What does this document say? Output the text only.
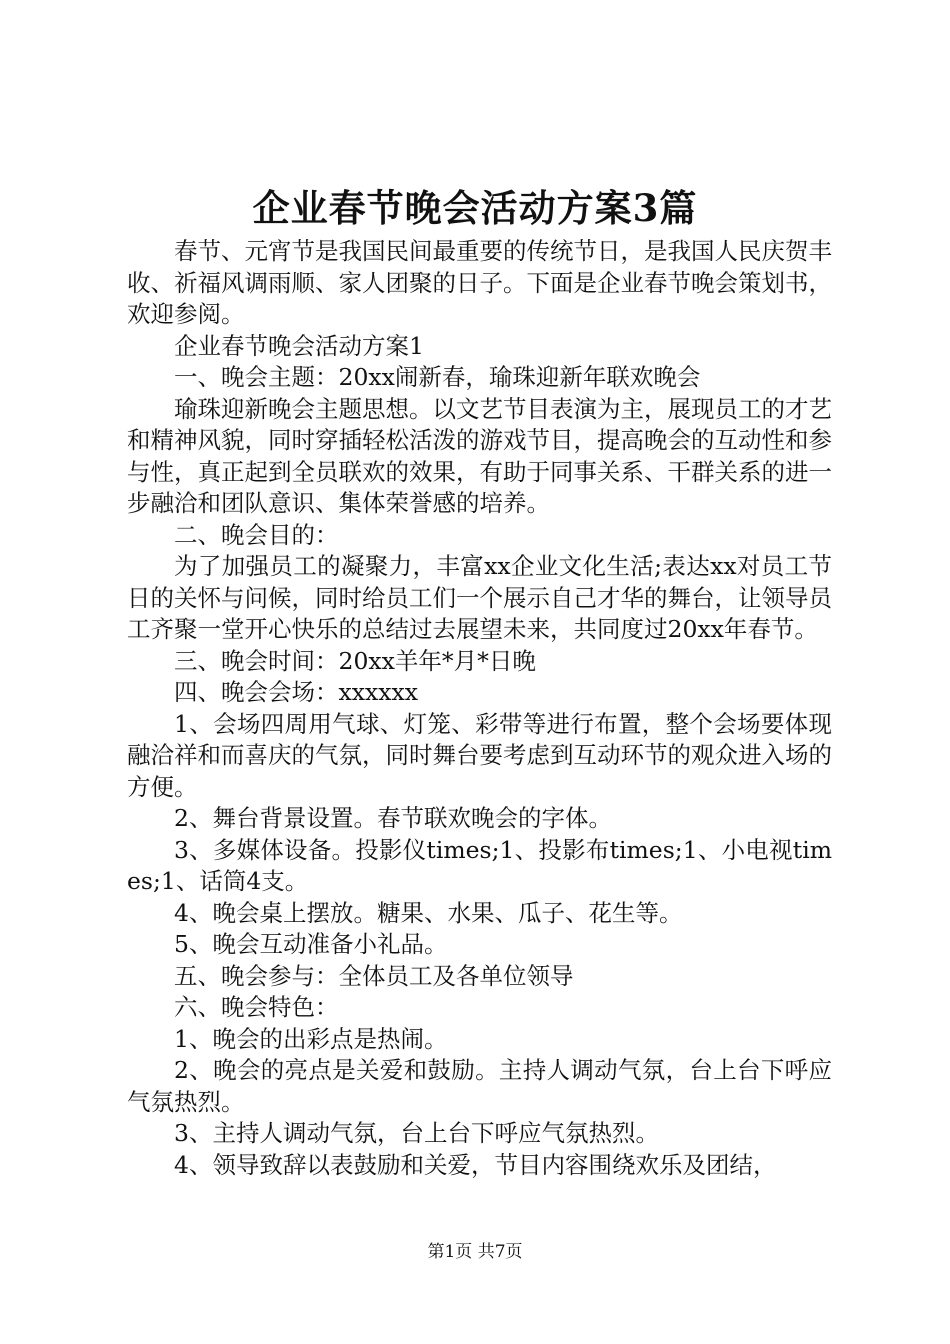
企业春节晚会活动方案3篇

春节、元宵节是我国民间最重要的传统节日，是我国人民庆贺丰收、祈福风调雨顺、家人团聚的日子。下面是企业春节晚会策划书，欢迎参阅。

企业春节晚会活动方案1

一、晚会主题：20xx闹新春，瑜珠迎新年联欢晚会

瑜珠迎新晚会主题思想。以文艺节目表演为主，展现员工的才艺和精神风貌，同时穿插轻松活泼的游戏节目，提高晚会的互动性和参与性，真正起到全员联欢的效果，有助于同事关系、干群关系的进一步融洽和团队意识、集体荣誉感的培养。

二、晚会目的：

为了加强员工的凝聚力，丰富xx企业文化生活;表达xx对员工节日的关怀与问候，同时给员工们一个展示自己才华的舞台，让领导员工齐聚一堂开心快乐的总结过去展望未来，共同度过20xx年春节。

三、晚会时间：20xx羊年*月*日晚

四、晚会会场：xxxxxx

1、会场四周用气球、灯笼、彩带等进行布置，整个会场要体现融洽祥和而喜庆的气氛，同时舞台要考虑到互动环节的观众进入场的方便。

2、舞台背景设置。春节联欢晚会的字体。

3、多媒体设备。投影仪times;1、投影布times;1、小电视times;1、话筒4支。

4、晚会桌上摆放。糖果、水果、瓜子、花生等。

5、晚会互动准备小礼品。

五、晚会参与：全体员工及各单位领导

六、晚会特色：

1、晚会的出彩点是热闹。

2、晚会的亮点是关爱和鼓励。主持人调动气氛，台上台下呼应气氛热烈。

3、主持人调动气氛，台上台下呼应气氛热烈。

4、领导致辞以表鼓励和关爱，节目内容围绕欢乐及团结，

第1页 共7页
